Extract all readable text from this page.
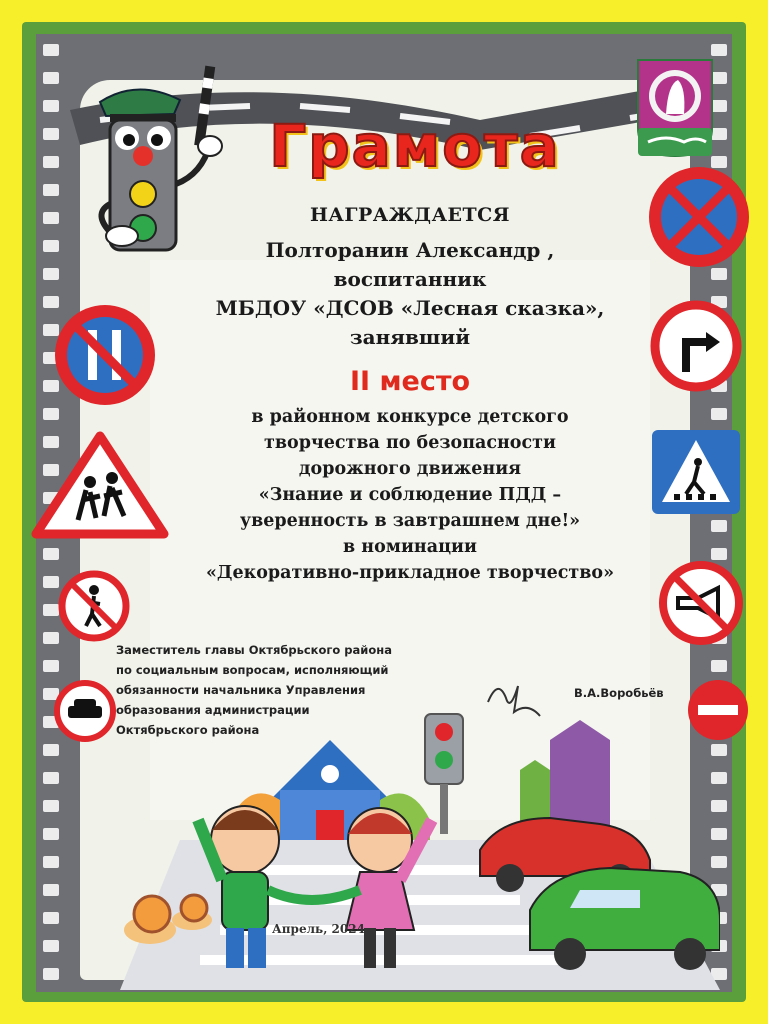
Грамота
НАГРАЖДАЕТСЯ
Полторанин Александр ,
воспитанник
МБДОУ «ДСОВ «Лесная сказка»,
занявший
II место
в районном конкурсе детского
творчества по безопасности
дорожного движения
«Знание и соблюдение ПДД –
уверенность в завтрашнем дне!»
в номинации
«Декоративно-прикладное творчество»
Заместитель главы Октябрьского района
по социальным вопросам, исполняющий
обязанности начальника Управления
образования администрации
Октябрьского района
В.А.Воробьёв
Апрель, 2024
